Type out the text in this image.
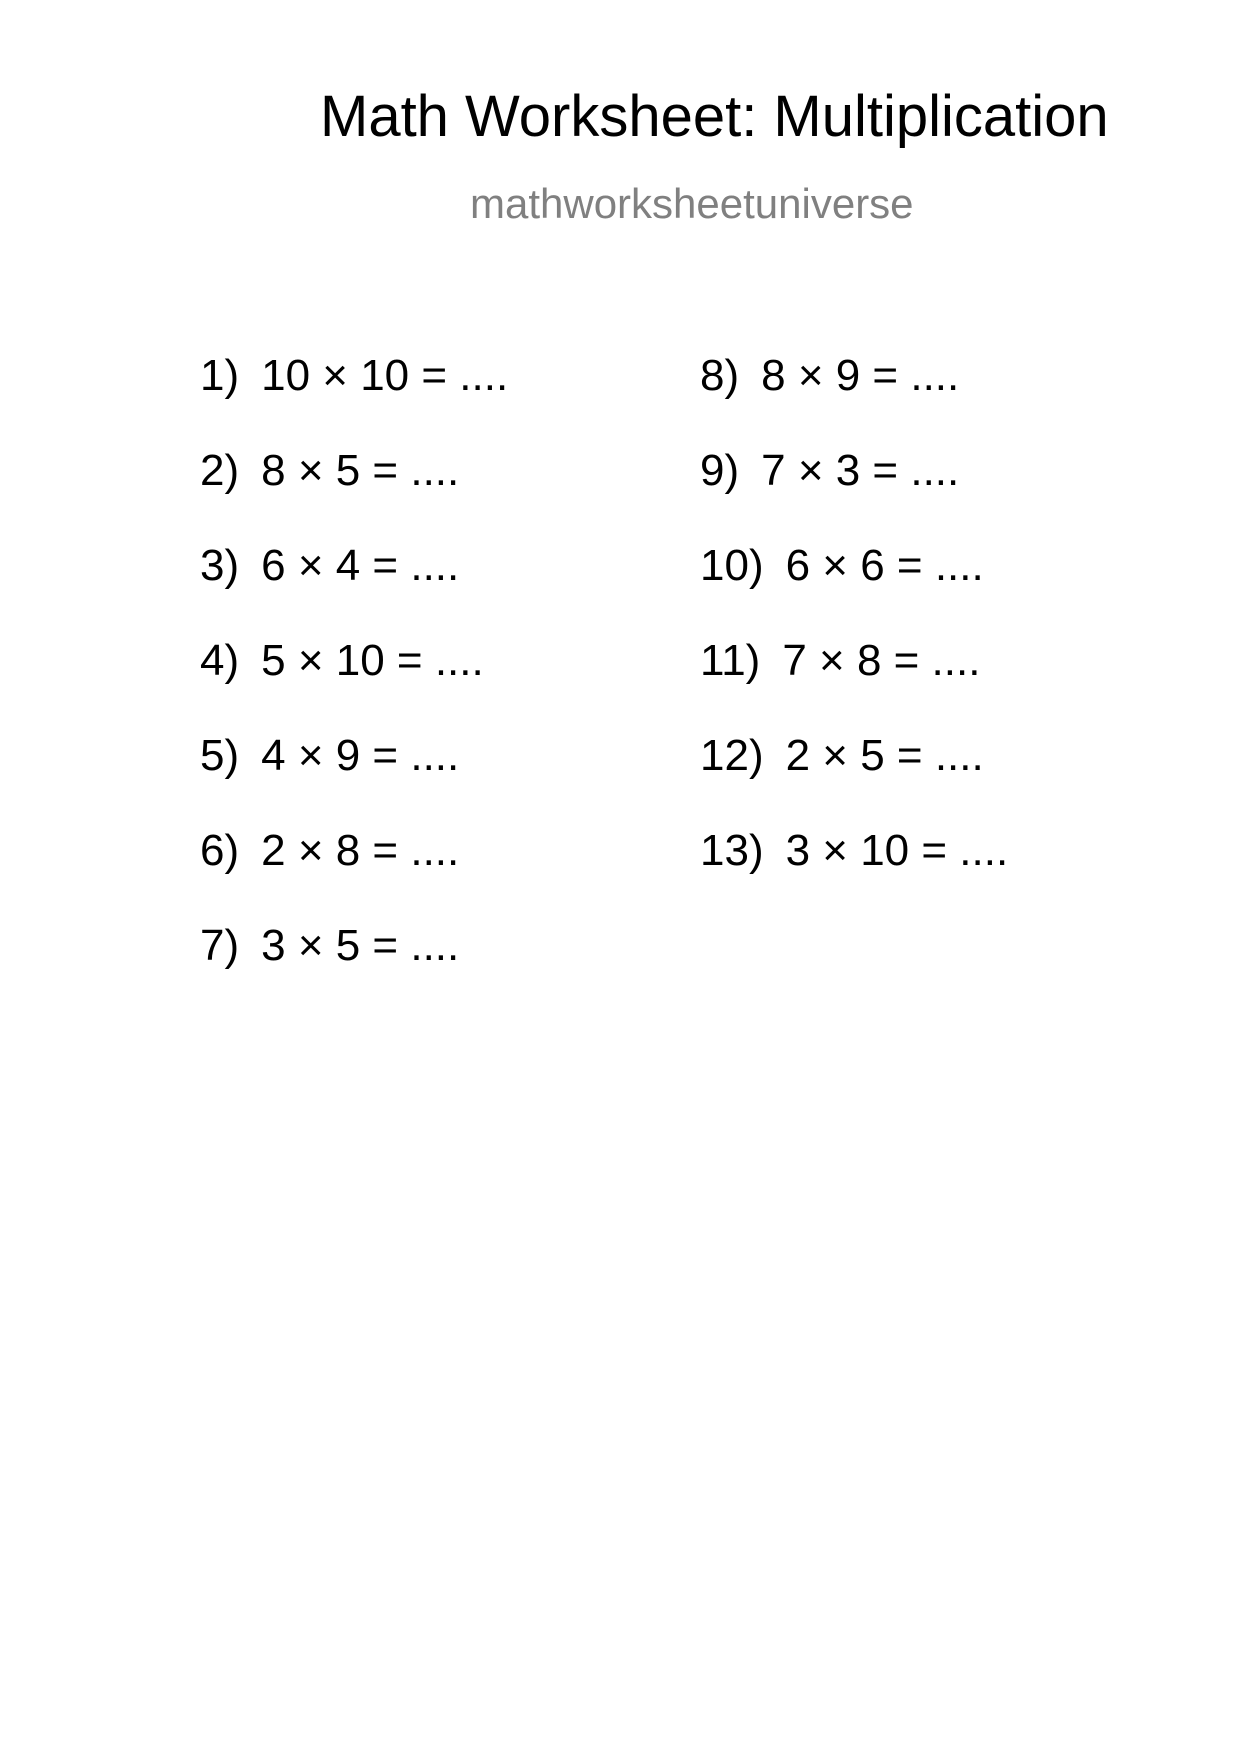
Math Worksheet: Multiplication
mathworksheetuniverse
1) 10 × 10 = ....
2) 8 × 5 = ....
3) 6 × 4 = ....
4) 5 × 10 = ....
5) 4 × 9 = ....
6) 2 × 8 = ....
7) 3 × 5 = ....
8) 8 × 9 = ....
9) 7 × 3 = ....
10) 6 × 6 = ....
11) 7 × 8 = ....
12) 2 × 5 = ....
13) 3 × 10 = ....
